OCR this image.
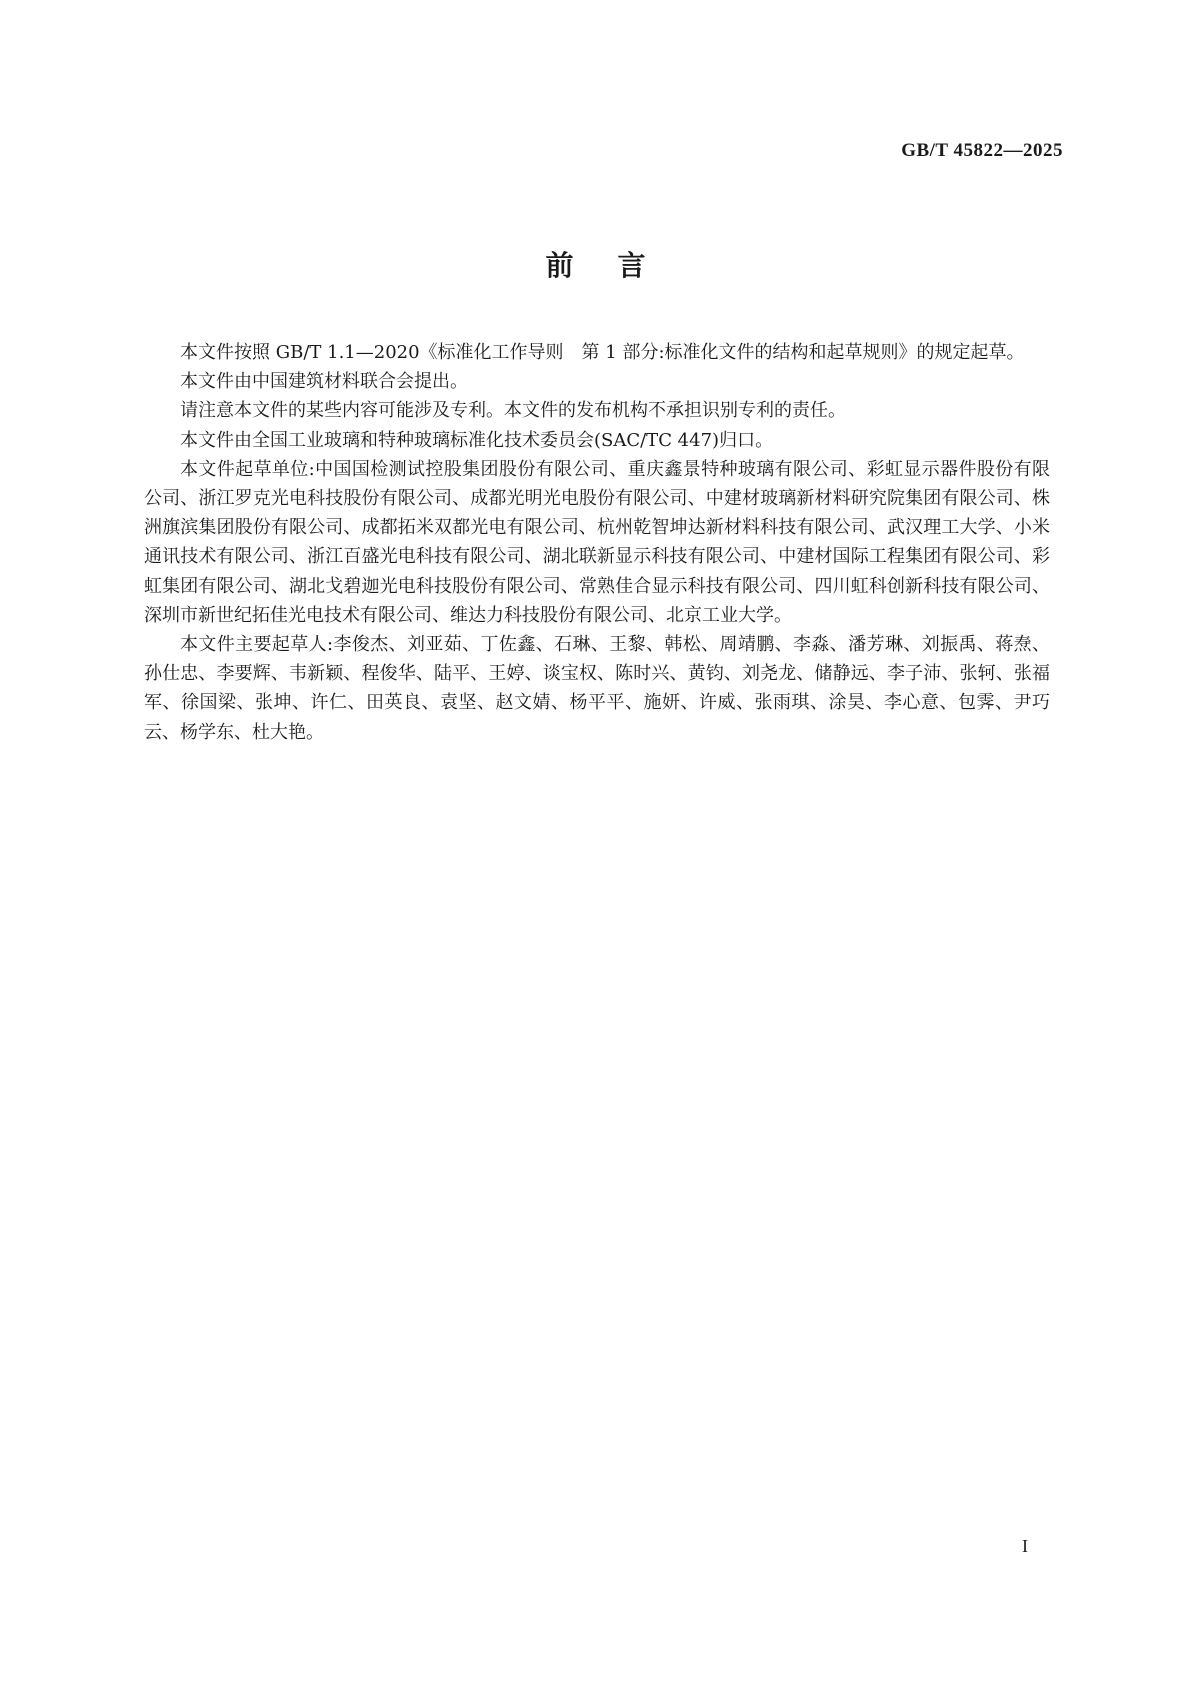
GB/T 45822—2025
前言

本文件按照 GB/T 1.1—2020《标准化工作导则　第 1 部分:标准化文件的结构和起草规则》的规定起草。

本文件由中国建筑材料联合会提出。

请注意本文件的某些内容可能涉及专利。本文件的发布机构不承担识别专利的责任。

本文件由全国工业玻璃和特种玻璃标准化技术委员会(SAC/TC 447)归口。

本文件起草单位:中国国检测试控股集团股份有限公司、重庆鑫景特种玻璃有限公司、彩虹显示器件股份有限公司、浙江罗克光电科技股份有限公司、成都光明光电股份有限公司、中建材玻璃新材料研究院集团有限公司、株洲旗滨集团股份有限公司、成都拓米双都光电有限公司、杭州乾智坤达新材料科技有限公司、武汉理工大学、小米通讯技术有限公司、浙江百盛光电科技有限公司、湖北联新显示科技有限公司、中建材国际工程集团有限公司、彩虹集团有限公司、湖北戈碧迦光电科技股份有限公司、常熟佳合显示科技有限公司、四川虹科创新科技有限公司、深圳市新世纪拓佳光电技术有限公司、维达力科技股份有限公司、北京工业大学。

本文件主要起草人:李俊杰、刘亚茹、丁佐鑫、石琳、王黎、韩松、周靖鹏、李淼、潘芳琳、刘振禹、蒋焘、孙仕忠、李要辉、韦新颖、程俊华、陆平、王婷、谈宝权、陈时兴、黄钧、刘尧龙、储静远、李子沛、张轲、张福军、徐国梁、张坤、许仁、田英良、袁坚、赵文婧、杨平平、施妍、许威、张雨琪、涂昊、李心意、包霁、尹巧云、杨学东、杜大艳。

I
